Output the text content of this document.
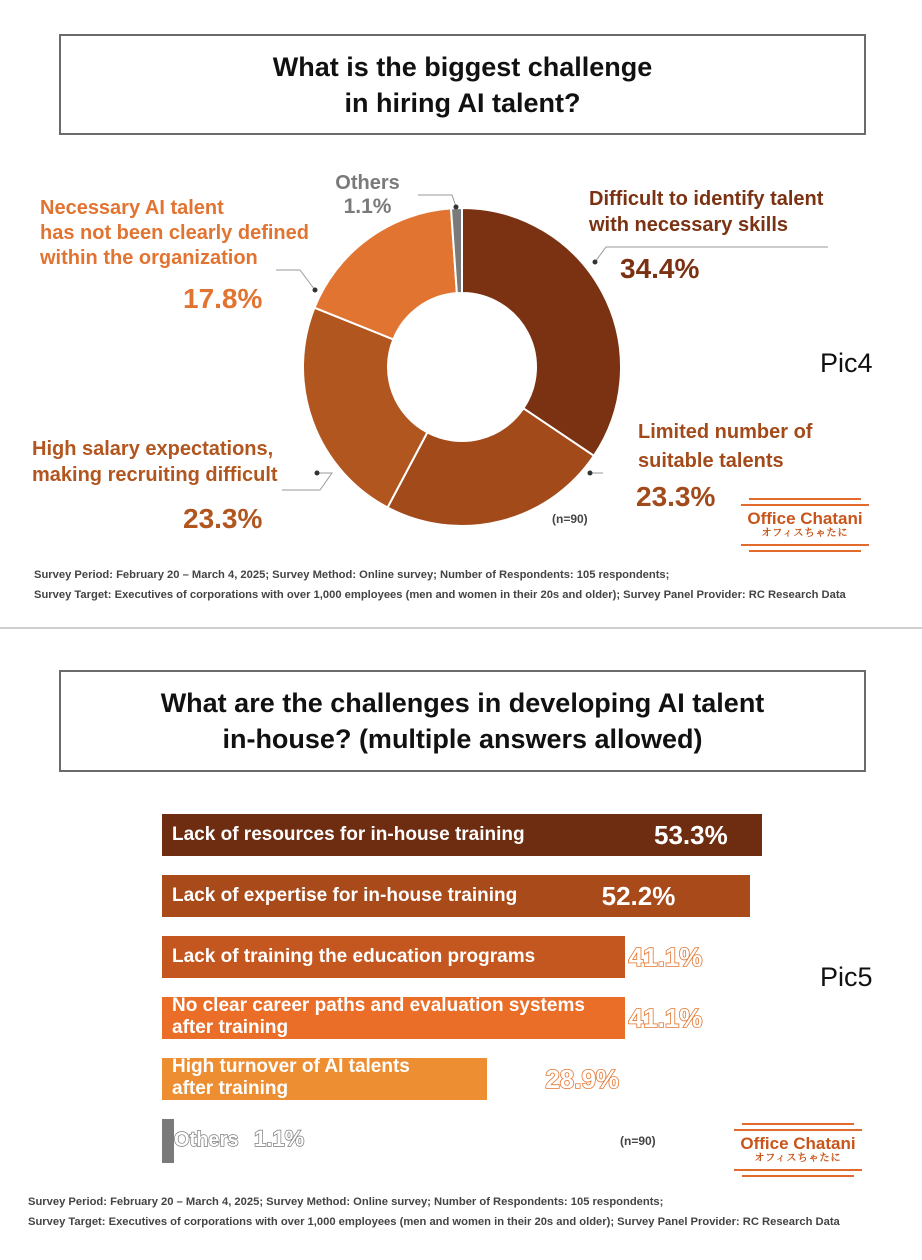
What is the biggest challenge
in hiring AI talent?
Others
1.1%	Difficult to identify talent
with necessary skills
34.4%
Necessary AI talent
has not been clearly defined
within the organization
17.8%
High salary expectations,
making recruiting difficult
23.3%
Limited number of
suitable talents
23.3%
(n=90)
Pic4
Office Chatani
オフィスちゃたに
Survey Period: February 20 – March 4, 2025; Survey Method: Online survey; Number of Respondents: 105 respondents;
Survey Target: Executives of corporations with over 1,000 employees (men and women in their 20s and older); Survey Panel Provider: RC Research Data
What are the challenges in developing AI talent
in-house? (multiple answers allowed)
Lack of resources for in-house training	53.3%
Lack of expertise for in-house training	52.2%
Lack of training the education programs	41.1%
No clear career paths and evaluation systems
after training	41.1%
High turnover of AI talents
after training	28.9%
Others 1.1%	(n=90)
Pic5
Office Chatani
オフィスちゃたに
Survey Period: February 20 – March 4, 2025; Survey Method: Online survey; Number of Respondents: 105 respondents;
Survey Target: Executives of corporations with over 1,000 employees (men and women in their 20s and older); Survey Panel Provider: RC Research Data
